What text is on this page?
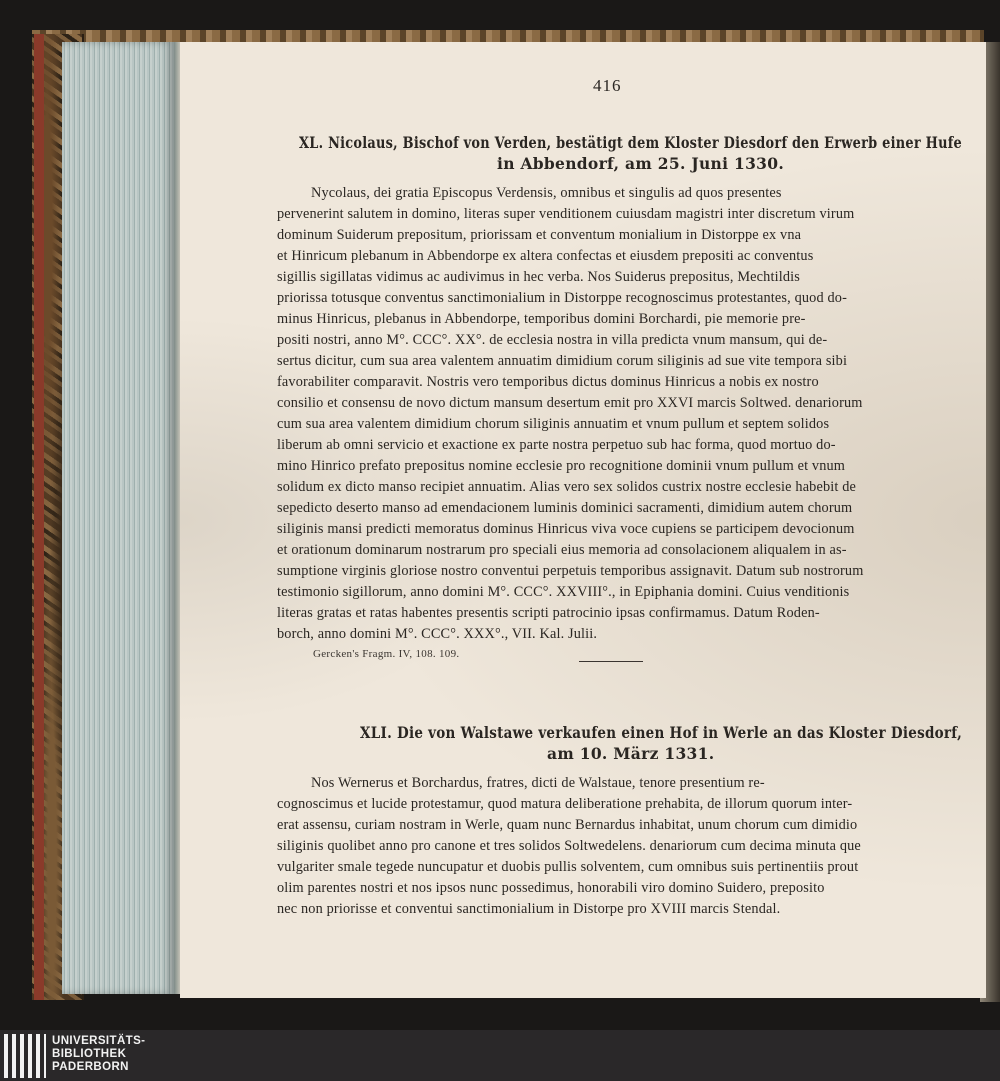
416
XL. Nicolaus, Bischof von Verden, bestätigt dem Kloster Diesdorf den Erwerb einer Hufe
in Abbendorf, am 25. Juni 1330.
Nycolaus, dei gratia Episcopus Verdensis, omnibus et singulis ad quos presentes
pervenerint salutem in domino, literas super venditionem cuiusdam magistri inter discretum virum
dominum Suiderum prepositum, priorissam et conventum monialium in Distorppe ex vna
et Hinricum plebanum in Abbendorpe ex altera confectas et eiusdem prepositi ac conventus
sigillis sigillatas vidimus ac audivimus in hec verba. Nos Suiderus prepositus, Mechtildis
priorissa totusque conventus sanctimonialium in Distorppe recognoscimus protestantes, quod do-
minus Hinricus, plebanus in Abbendorpe, temporibus domini Borchardi, pie memorie pre-
positi nostri, anno M°. CCC°. XX°. de ecclesia nostra in villa predicta vnum mansum, qui de-
sertus dicitur, cum sua area valentem annuatim dimidium corum siliginis ad sue vite tempora sibi
favorabiliter comparavit. Nostris vero temporibus dictus dominus Hinricus a nobis ex nostro
consilio et consensu de novo dictum mansum desertum emit pro XXVI marcis Soltwed. denariorum
cum sua area valentem dimidium chorum siliginis annuatim et vnum pullum et septem solidos
liberum ab omni servicio et exactione ex parte nostra perpetuo sub hac forma, quod mortuo do-
mino Hinrico prefato prepositus nomine ecclesie pro recognitione dominii vnum pullum et vnum
solidum ex dicto manso recipiet annuatim. Alias vero sex solidos custrix nostre ecclesie habebit de
sepedicto deserto manso ad emendacionem luminis dominici sacramenti, dimidium autem chorum
siliginis mansi predicti memoratus dominus Hinricus viva voce cupiens se participem devocionum
et orationum dominarum nostrarum pro speciali eius memoria ad consolacionem aliqualem in as-
sumptione virginis gloriose nostro conventui perpetuis temporibus assignavit. Datum sub nostrorum
testimonio sigillorum, anno domini M°. CCC°. XXVIII°., in Epiphania domini. Cuius venditionis
literas gratas et ratas habentes presentis scripti patrocinio ipsas confirmamus. Datum Roden-
borch, anno domini M°. CCC°. XXX°., VII. Kal. Julii.
Gercken's Fragm. IV, 108. 109.
XLI. Die von Walstawe verkaufen einen Hof in Werle an das Kloster Diesdorf,
am 10. März 1331.
Nos Wernerus et Borchardus, fratres, dicti de Walstaue, tenore presentium re-
cognoscimus et lucide protestamur, quod matura deliberatione prehabita, de illorum quorum inter-
erat assensu, curiam nostram in Werle, quam nunc Bernardus inhabitat, unum chorum cum dimidio
siliginis quolibet anno pro canone et tres solidos Soltwedelens. denariorum cum decima minuta que
vulgariter smale tegede nuncupatur et duobis pullis solventem, cum omnibus suis pertinentiis prout
olim parentes nostri et nos ipsos nunc possedimus, honorabili viro domino Suidero, preposito
nec non priorisse et conventui sanctimonialium in Distorpe pro XVIII marcis Stendal.
UNIVERSITÄTS-
BIBLIOTHEK
PADERBORN
